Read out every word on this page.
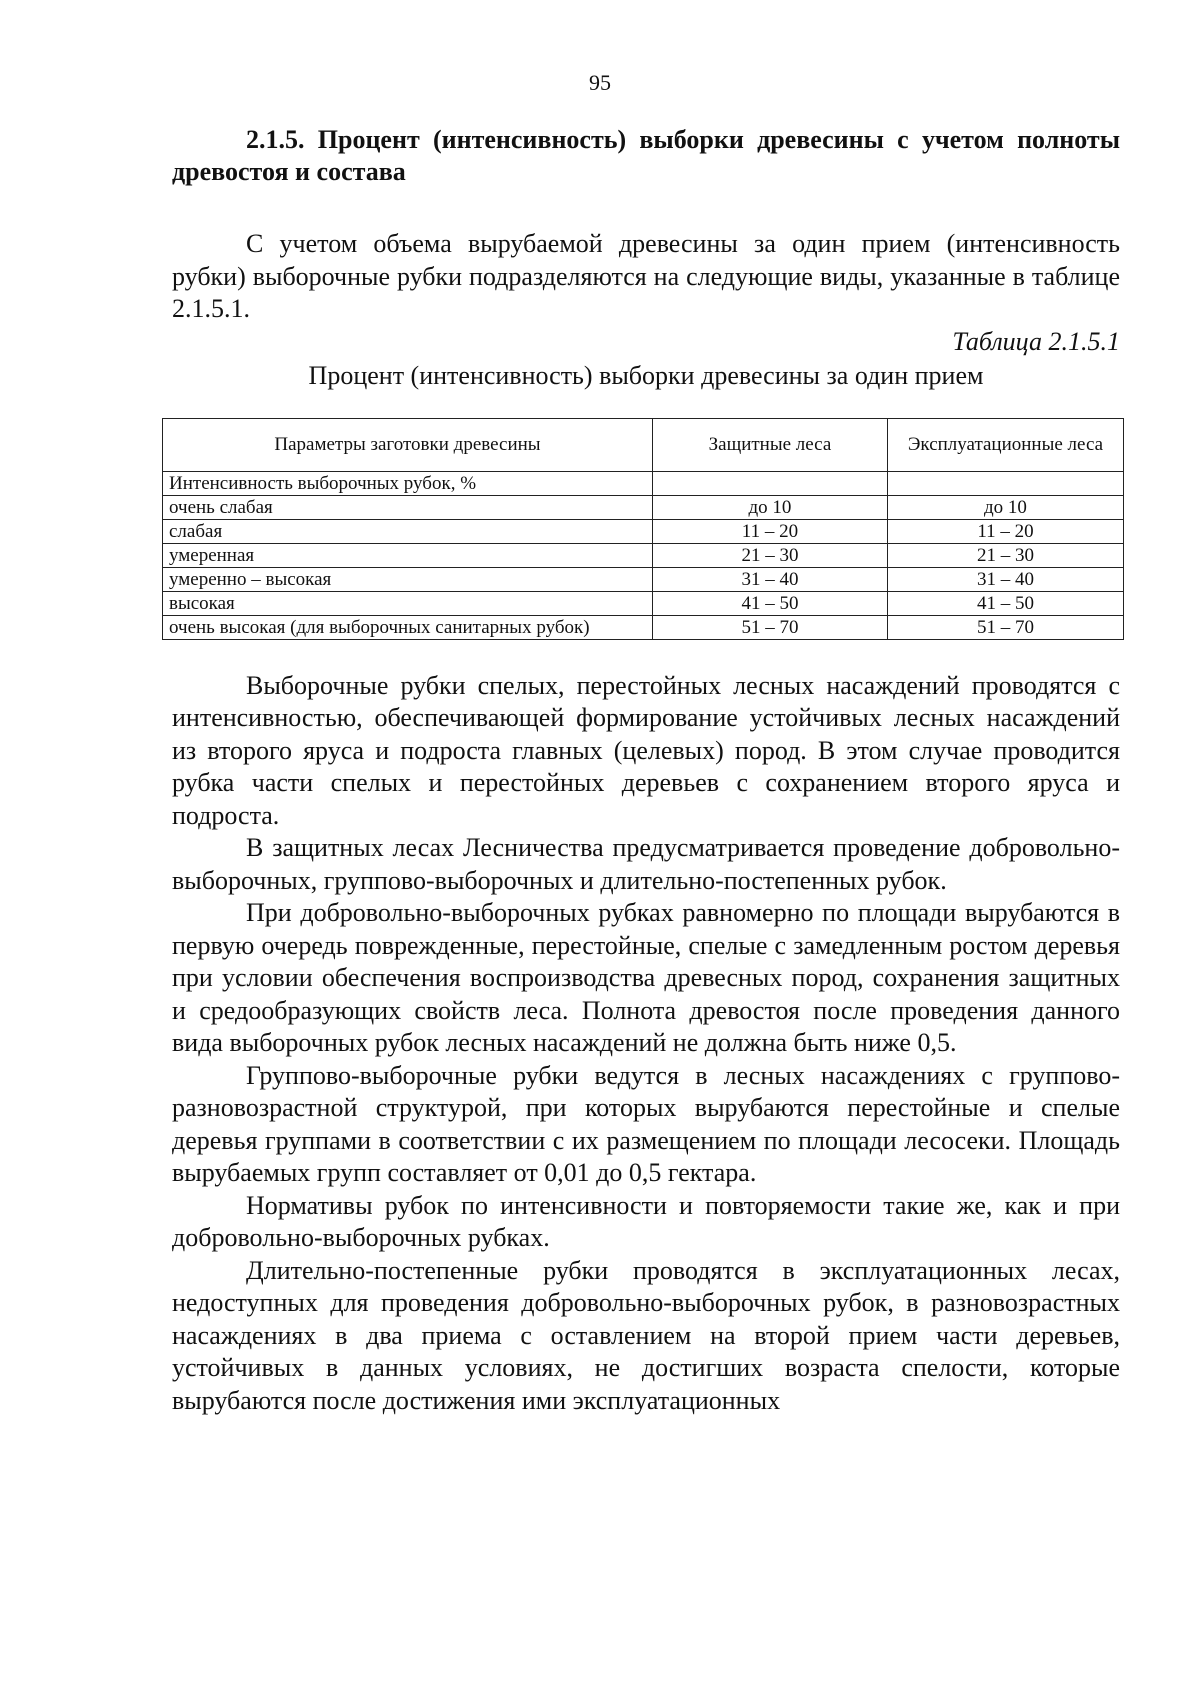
95

2.1.5. Процент (интенсивность) выборки древесины с учетом полноты древостоя и состава

С учетом объема вырубаемой древесины за один прием (интенсивность рубки) выборочные рубки подразделяются на следующие виды, указанные в таблице 2.1.5.1.

Таблица 2.1.5.1

Процент (интенсивность) выборки древесины за один прием

Параметры заготовки древесины	Защитные леса	Эксплуатационные леса
Интенсивность выборочных рубок, %		
очень слабая	до 10	до 10
слабая	11 – 20	11 – 20
умеренная	21 – 30	21 – 30
умеренно – высокая	31 – 40	31 – 40
высокая	41 – 50	41 – 50
очень высокая (для выборочных санитарных рубок)	51 – 70	51 – 70

Выборочные рубки спелых, перестойных лесных насаждений проводятся с интенсивностью, обеспечивающей формирование устойчивых лесных насаждений из второго яруса и подроста главных (целевых) пород. В этом случае проводится рубка части спелых и перестойных деревьев с сохранением второго яруса и подроста.

В защитных лесах Лесничества предусматривается проведение добровольно-выборочных, группово-выборочных и длительно-постепенных рубок.

При добровольно-выборочных рубках равномерно по площади вырубаются в первую очередь поврежденные, перестойные, спелые с замедленным ростом деревья при условии обеспечения воспроизводства древесных пород, сохранения защитных и средообразующих свойств леса. Полнота древостоя после проведения данного вида выборочных рубок лесных насаждений не должна быть ниже 0,5.

Группово-выборочные рубки ведутся в лесных насаждениях с группово-разновозрастной структурой, при которых вырубаются перестойные и спелые деревья группами в соответствии с их размещением по площади лесосеки. Площадь вырубаемых групп составляет от 0,01 до 0,5 гектара.

Нормативы рубок по интенсивности и повторяемости такие же, как и при добровольно-выборочных рубках.

Длительно-постепенные рубки проводятся в эксплуатационных лесах, недоступных для проведения добровольно-выборочных рубок, в разновозрастных насаждениях в два приема с оставлением на второй прием части деревьев, устойчивых в данных условиях, не достигших возраста спелости, которые вырубаются после достижения ими эксплуатационных
